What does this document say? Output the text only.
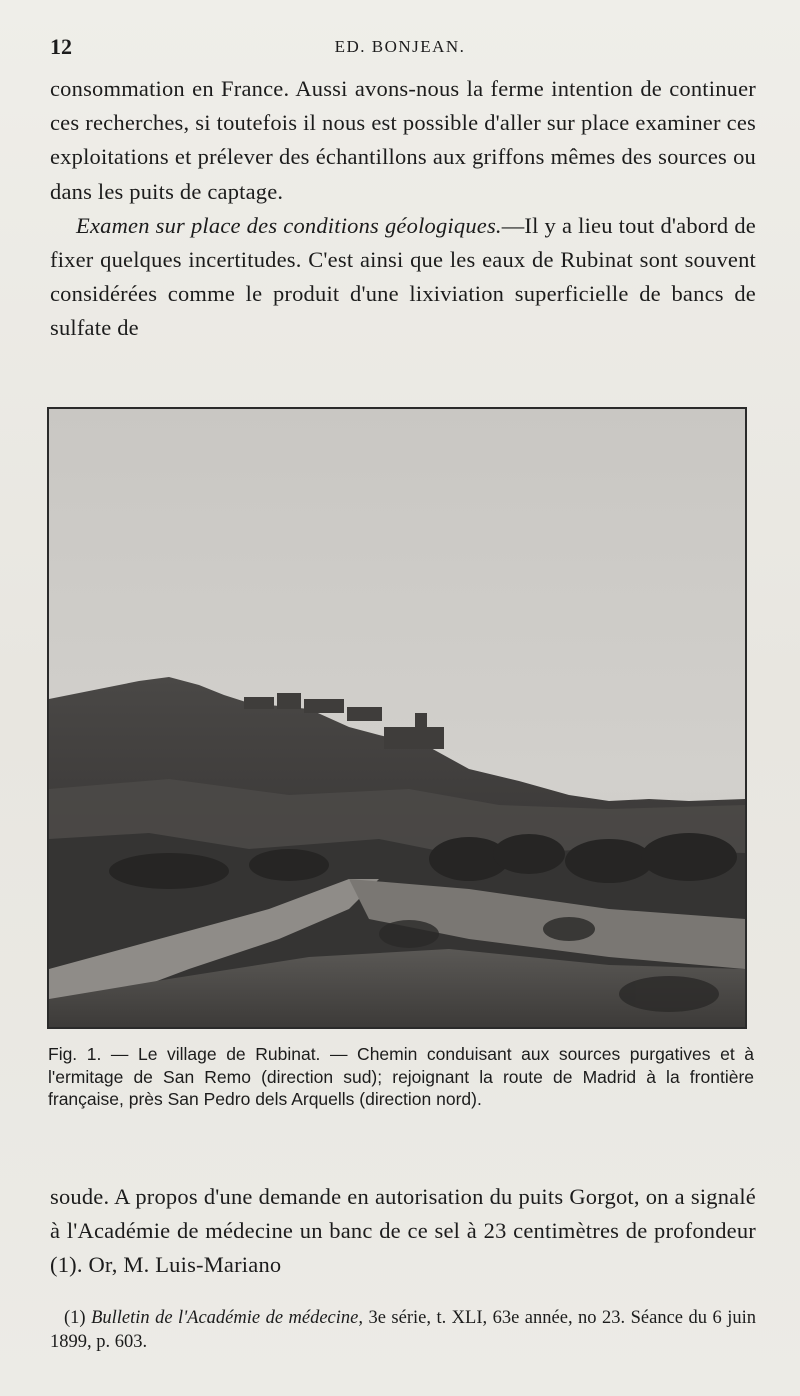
12	ED. BONJEAN.

consommation en France. Aussi avons-nous la ferme intention de continuer ces recherches, si toutefois il nous est possible d'aller sur place examiner ces exploitations et prélever des échantillons aux griffons mêmes des sources ou dans les puits de captage.

Examen sur place des conditions géologiques.—Il y a lieu tout d'abord de fixer quelques incertitudes. C'est ainsi que les eaux de Rubinat sont souvent considérées comme le produit d'une lixiviation superficielle de bancs de sulfate de

Fig. 1. — Le village de Rubinat. — Chemin conduisant aux sources purgatives et à l'ermitage de San Remo (direction sud); rejoignant la route de Madrid à la frontière française, près San Pedro dels Arquells (direction nord).

soude. A propos d'une demande en autorisation du puits Gorgot, on a signalé à l'Académie de médecine un banc de ce sel à 23 centimètres de profondeur (1). Or, M. Luis-Mariano

(1) Bulletin de l'Académie de médecine, 3e série, t. XLI, 63e année, no 23. Séance du 6 juin 1899, p. 603.
